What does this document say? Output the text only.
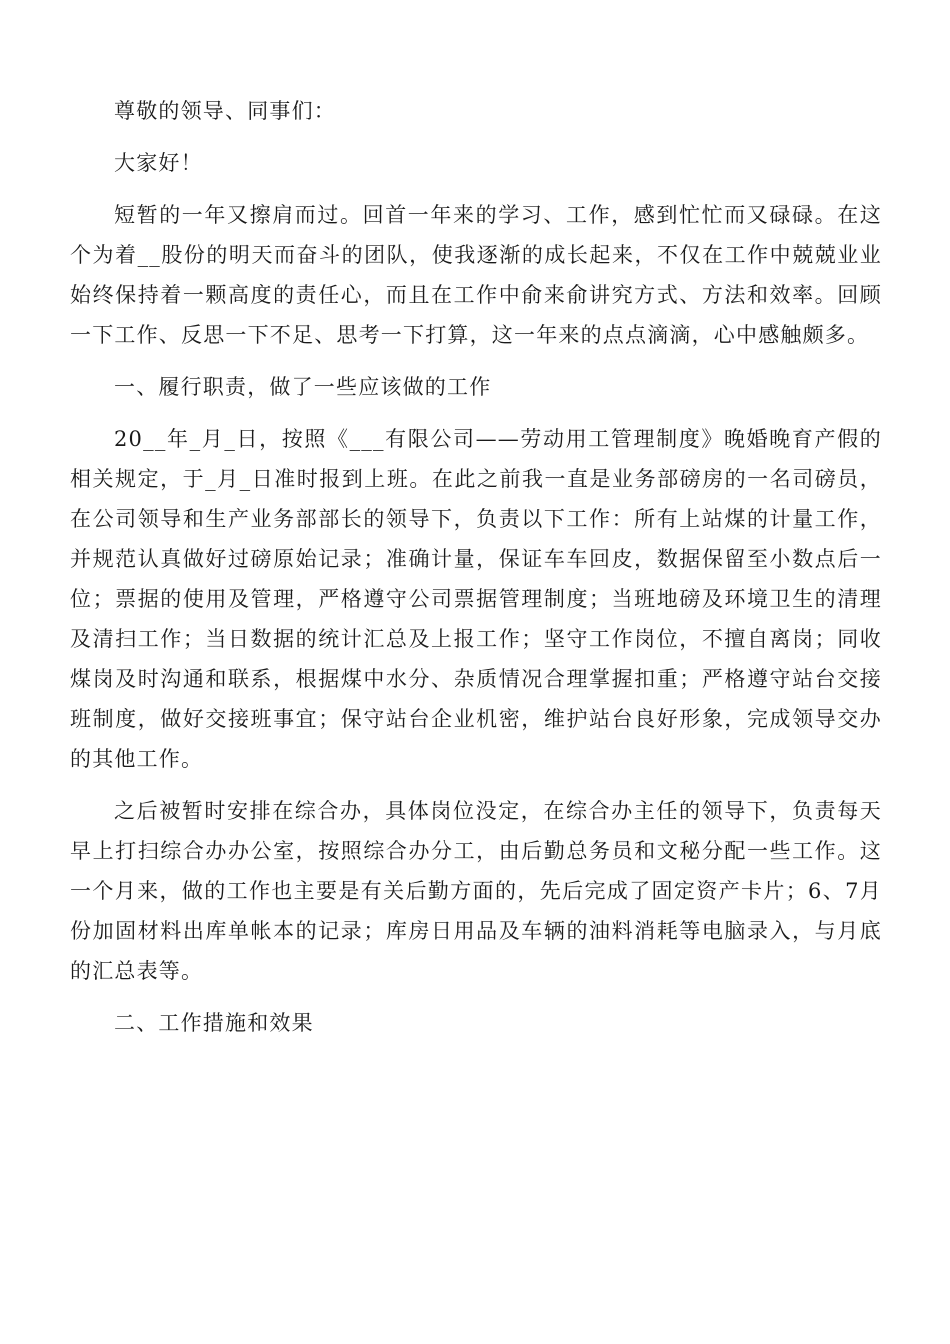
尊敬的领导、同事们：

大家好！

短暂的一年又擦肩而过。回首一年来的学习、工作，感到忙忙而又碌碌。在这个为着__股份的明天而奋斗的团队，使我逐渐的成长起来，不仅在工作中兢兢业业始终保持着一颗高度的责任心，而且在工作中俞来俞讲究方式、方法和效率。回顾一下工作、反思一下不足、思考一下打算，这一年来的点点滴滴，心中感触颇多。

一、履行职责，做了一些应该做的工作

20__年_月_日，按照《___有限公司——劳动用工管理制度》晚婚晚育产假的相关规定，于_月_日准时报到上班。在此之前我一直是业务部磅房的一名司磅员，在公司领导和生产业务部部长的领导下，负责以下工作：所有上站煤的计量工作，并规范认真做好过磅原始记录；准确计量，保证车车回皮，数据保留至小数点后一位；票据的使用及管理，严格遵守公司票据管理制度；当班地磅及环境卫生的清理及清扫工作；当日数据的统计汇总及上报工作；坚守工作岗位，不擅自离岗；同收煤岗及时沟通和联系，根据煤中水分、杂质情况合理掌握扣重；严格遵守站台交接班制度，做好交接班事宜；保守站台企业机密，维护站台良好形象，完成领导交办的其他工作。

之后被暂时安排在综合办，具体岗位没定，在综合办主任的领导下，负责每天早上打扫综合办办公室，按照综合办分工，由后勤总务员和文秘分配一些工作。这一个月来，做的工作也主要是有关后勤方面的，先后完成了固定资产卡片；6、7月份加固材料出库单帐本的记录；库房日用品及车辆的油料消耗等电脑录入，与月底的汇总表等。

二、工作措施和效果
